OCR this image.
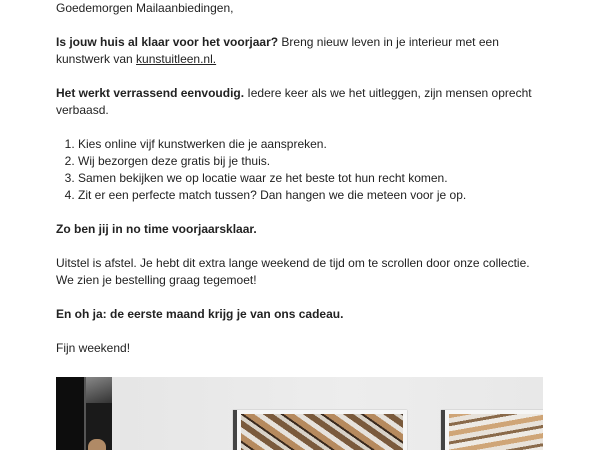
Goedemorgen Mailaanbiedingen,

Is jouw huis al klaar voor het voorjaar? Breng nieuw leven in je interieur met een kunstwerk van kunstuitleen.nl.

Het werkt verrassend eenvoudig. Iedere keer als we het uitleggen, zijn mensen oprecht verbaasd.

1. Kies online vijf kunstwerken die je aanspreken.
2. Wij bezorgen deze gratis bij je thuis.
3. Samen bekijken we op locatie waar ze het beste tot hun recht komen.
4. Zit er een perfecte match tussen? Dan hangen we die meteen voor je op.

Zo ben jij in no time voorjaarsklaar.

Uitstel is afstel. Je hebt dit extra lange weekend de tijd om te scrollen door onze collectie. We zien je bestelling graag tegemoet!

En oh ja: de eerste maand krijg je van ons cadeau.

Fijn weekend!
